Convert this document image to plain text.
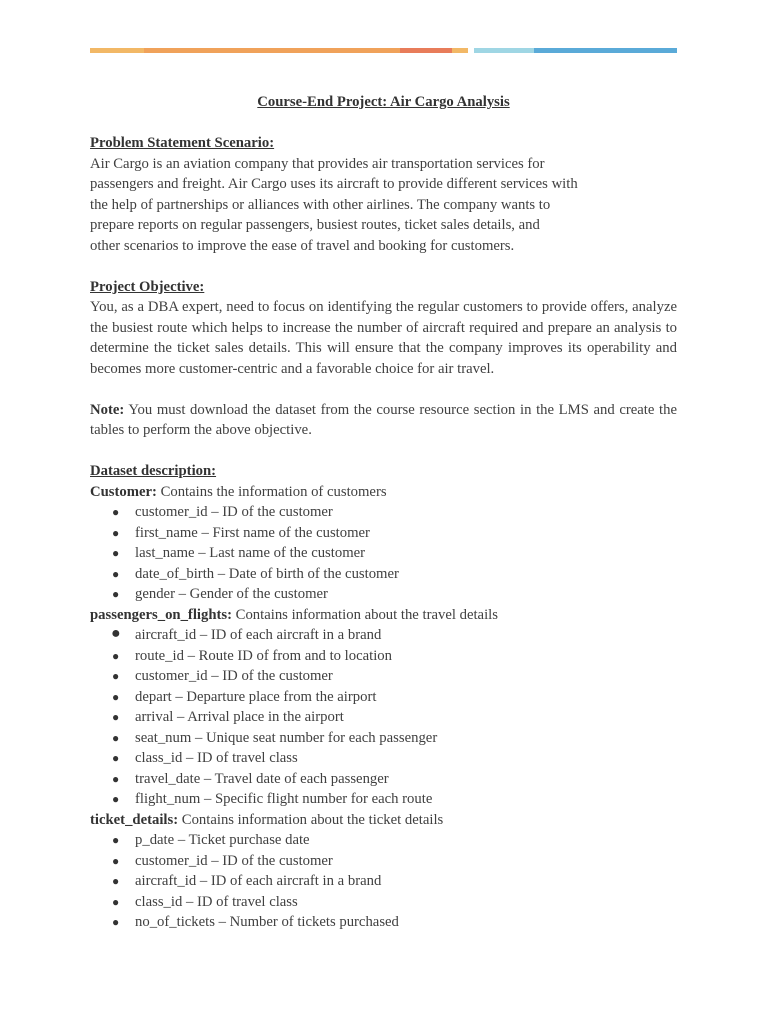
Course-End Project: Air Cargo Analysis
Problem Statement Scenario:
Air Cargo is an aviation company that provides air transportation services for
passengers and freight. Air Cargo uses its aircraft to provide different services with
the help of partnerships or alliances with other airlines. The company wants to
prepare reports on regular passengers, busiest routes, ticket sales details, and
other scenarios to improve the ease of travel and booking for customers.
Project Objective:

You, as a DBA expert, need to focus on identifying the regular customers to provide offers, analyze the busiest route which helps to increase the number of aircraft required and prepare an analysis to determine the ticket sales details. This will ensure that the company improves its operability and becomes more customer-centric and a favorable choice for air travel.

Note: You must download the dataset from the course resource section in the LMS and create the tables to perform the above objective.

Dataset description:
Customer: Contains the information of customers
● customer_id – ID of the customer
● first_name – First name of the customer
● last_name – Last name of the customer
● date_of_birth – Date of birth of the customer
● gender – Gender of the customer
passengers_on_flights: Contains information about the travel details
● aircraft_id – ID of each aircraft in a brand
● route_id – Route ID of from and to location
● customer_id – ID of the customer
● depart – Departure place from the airport
● arrival – Arrival place in the airport
● seat_num – Unique seat number for each passenger
● class_id – ID of travel class
● travel_date – Travel date of each passenger
● flight_num – Specific flight number for each route
ticket_details: Contains information about the ticket details
● p_date – Ticket purchase date
● customer_id – ID of the customer
● aircraft_id – ID of each aircraft in a brand
● class_id – ID of travel class
● no_of_tickets – Number of tickets purchased
